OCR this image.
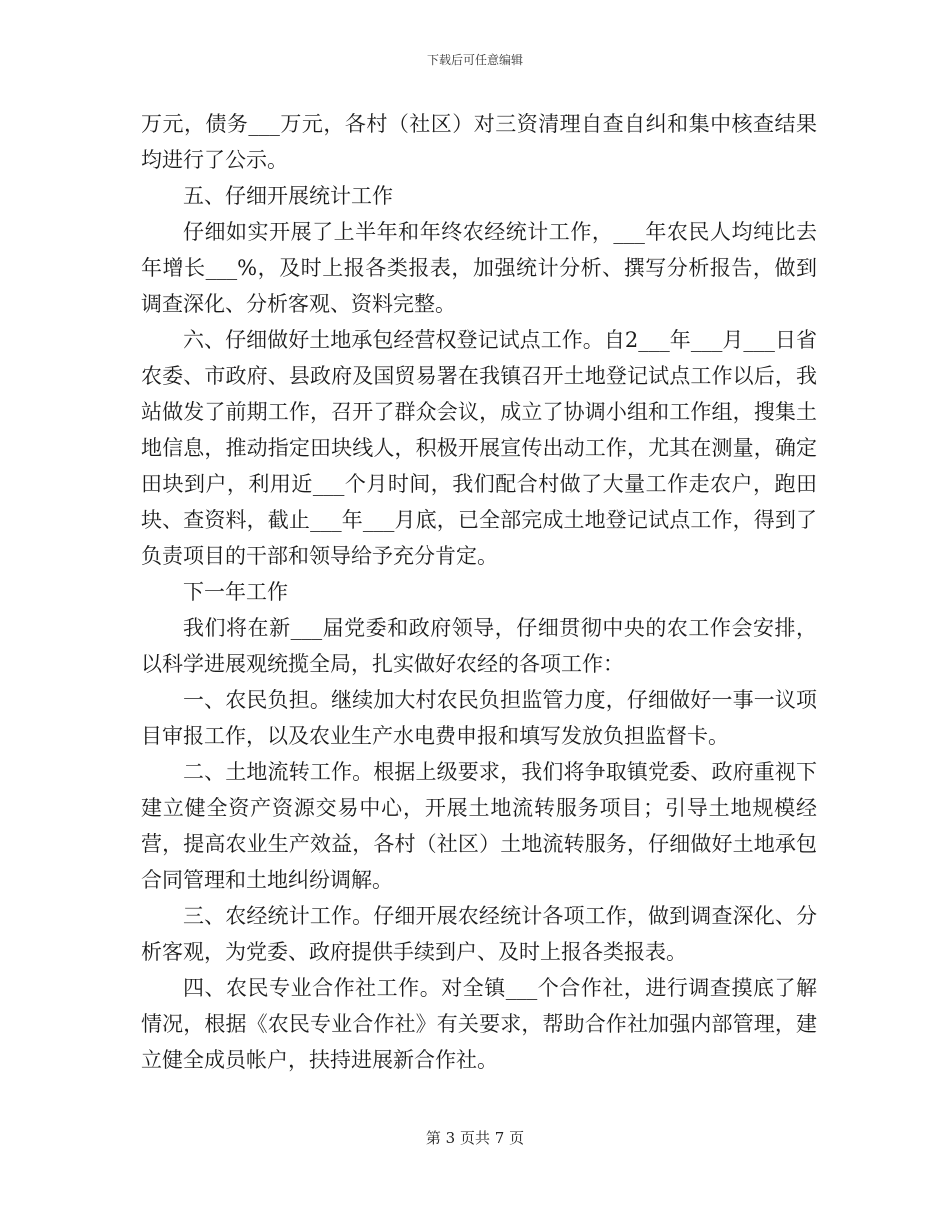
下载后可任意编辑

万元，债务___万元，各村（社区）对三资清理自查自纠和集中核查结果均进行了公示。

五、仔细开展统计工作

仔细如实开展了上半年和年终农经统计工作，___年农民人均纯比去年增长___%，及时上报各类报表，加强统计分析、撰写分析报告，做到调查深化、分析客观、资料完整。

六、仔细做好土地承包经营权登记试点工作。自2___年___月___日省农委、市政府、县政府及国贸易署在我镇召开土地登记试点工作以后，我站做发了前期工作，召开了群众会议，成立了协调小组和工作组，搜集土地信息，推动指定田块线人，积极开展宣传出动工作，尤其在测量，确定田块到户，利用近___个月时间，我们配合村做了大量工作走农户，跑田块、查资料，截止___年___月底，已全部完成土地登记试点工作，得到了负责项目的干部和领导给予充分肯定。

下一年工作

我们将在新___届党委和政府领导，仔细贯彻中央的农工作会安排，以科学进展观统揽全局，扎实做好农经的各项工作：

一、农民负担。继续加大村农民负担监管力度，仔细做好一事一议项目审报工作，以及农业生产水电费申报和填写发放负担监督卡。

二、土地流转工作。根据上级要求，我们将争取镇党委、政府重视下建立健全资产资源交易中心，开展土地流转服务项目；引导土地规模经营，提高农业生产效益，各村（社区）土地流转服务，仔细做好土地承包合同管理和土地纠纷调解。

三、农经统计工作。仔细开展农经统计各项工作，做到调查深化、分析客观，为党委、政府提供手续到户、及时上报各类报表。

四、农民专业合作社工作。对全镇___个合作社，进行调查摸底了解情况，根据《农民专业合作社》有关要求，帮助合作社加强内部管理，建立健全成员帐户，扶持进展新合作社。

第 3 页共 7 页
